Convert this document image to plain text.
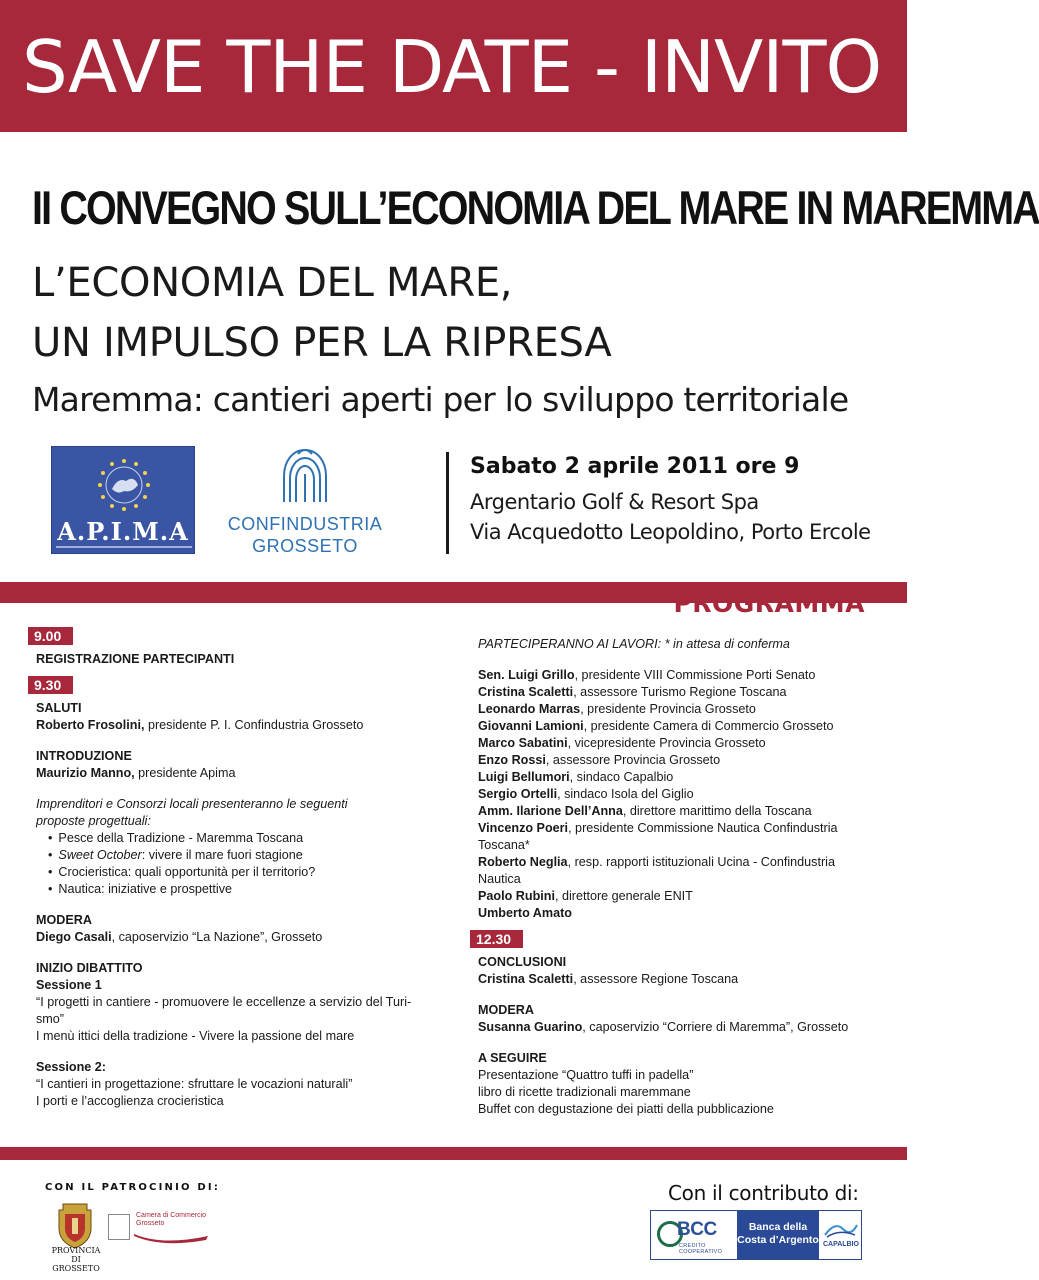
SAVE THE DATE - INVITO
II CONVEGNO SULL’ECONOMIA DEL MARE IN MAREMMA
L’ECONOMIA DEL MARE,
UN IMPULSO PER LA RIPRESA
Maremma: cantieri aperti per lo sviluppo territoriale
A.P.I.M.A	CONFINDUSTRIA
GROSSETO
Sabato 2 aprile 2011 ore 9
Argentario Golf & Resort Spa
Via Acquedotto Leopoldino, Porto Ercole
PROGRAMMA
9.00
REGISTRAZIONE PARTECIPANTI
9.30
SALUTI
Roberto Frosolini, presidente P. I. Confindustria Grosseto
INTRODUZIONE
Maurizio Manno, presidente Apima
Imprenditori e Consorzi locali presenteranno le seguenti proposte progettuali:
• Pesce della Tradizione - Maremma Toscana
• Sweet October: vivere il mare fuori stagione
• Crocieristica: quali opportunità per il territorio?
• Nautica: iniziative e prospettive
MODERA
Diego Casali, caposervizio “La Nazione”, Grosseto
INIZIO DIBATTITO
Sessione 1
“I progetti in cantiere - promuovere le eccellenze a servizio del Turi-
smo”
I menù ittici della tradizione - Vivere la passione del mare
Sessione 2:
“I cantieri in progettazione: sfruttare le vocazioni naturali”
I porti e l’accoglienza crocieristica
PARTECIPERANNO AI LAVORI: * in attesa di conferma
Sen. Luigi Grillo, presidente VIII Commissione Porti Senato
Cristina Scaletti, assessore Turismo Regione Toscana
Leonardo Marras, presidente Provincia Grosseto
Giovanni Lamioni, presidente Camera di Commercio Grosseto
Marco Sabatini, vicepresidente Provincia Grosseto
Enzo Rossi, assessore Provincia Grosseto
Luigi Bellumori, sindaco Capalbio
Sergio Ortelli, sindaco Isola del Giglio
Amm. Ilarione Dell’Anna, direttore marittimo della Toscana
Vincenzo Poeri, presidente Commissione Nautica Confindustria Toscana*
Roberto Neglia, resp. rapporti istituzionali Ucina - Confindustria Nautica
Paolo Rubini, direttore generale ENIT
Umberto Amato
12.30
CONCLUSIONI
Cristina Scaletti, assessore Regione Toscana
MODERA
Susanna Guarino, caposervizio “Corriere di Maremma”, Grosseto
A SEGUIRE
Presentazione “Quattro tuffi in padella”
libro di ricette tradizionali maremmane
Buffet con degustazione dei piatti della pubblicazione
CON IL PATROCINIO DI:
PROVINCIA DI
GROSSETO
Camera di Commercio
Grosseto
Con il contributo di:
BCC
CREDITO COOPERATIVO
Banca della
Costa d’Argento CAPALBIO
